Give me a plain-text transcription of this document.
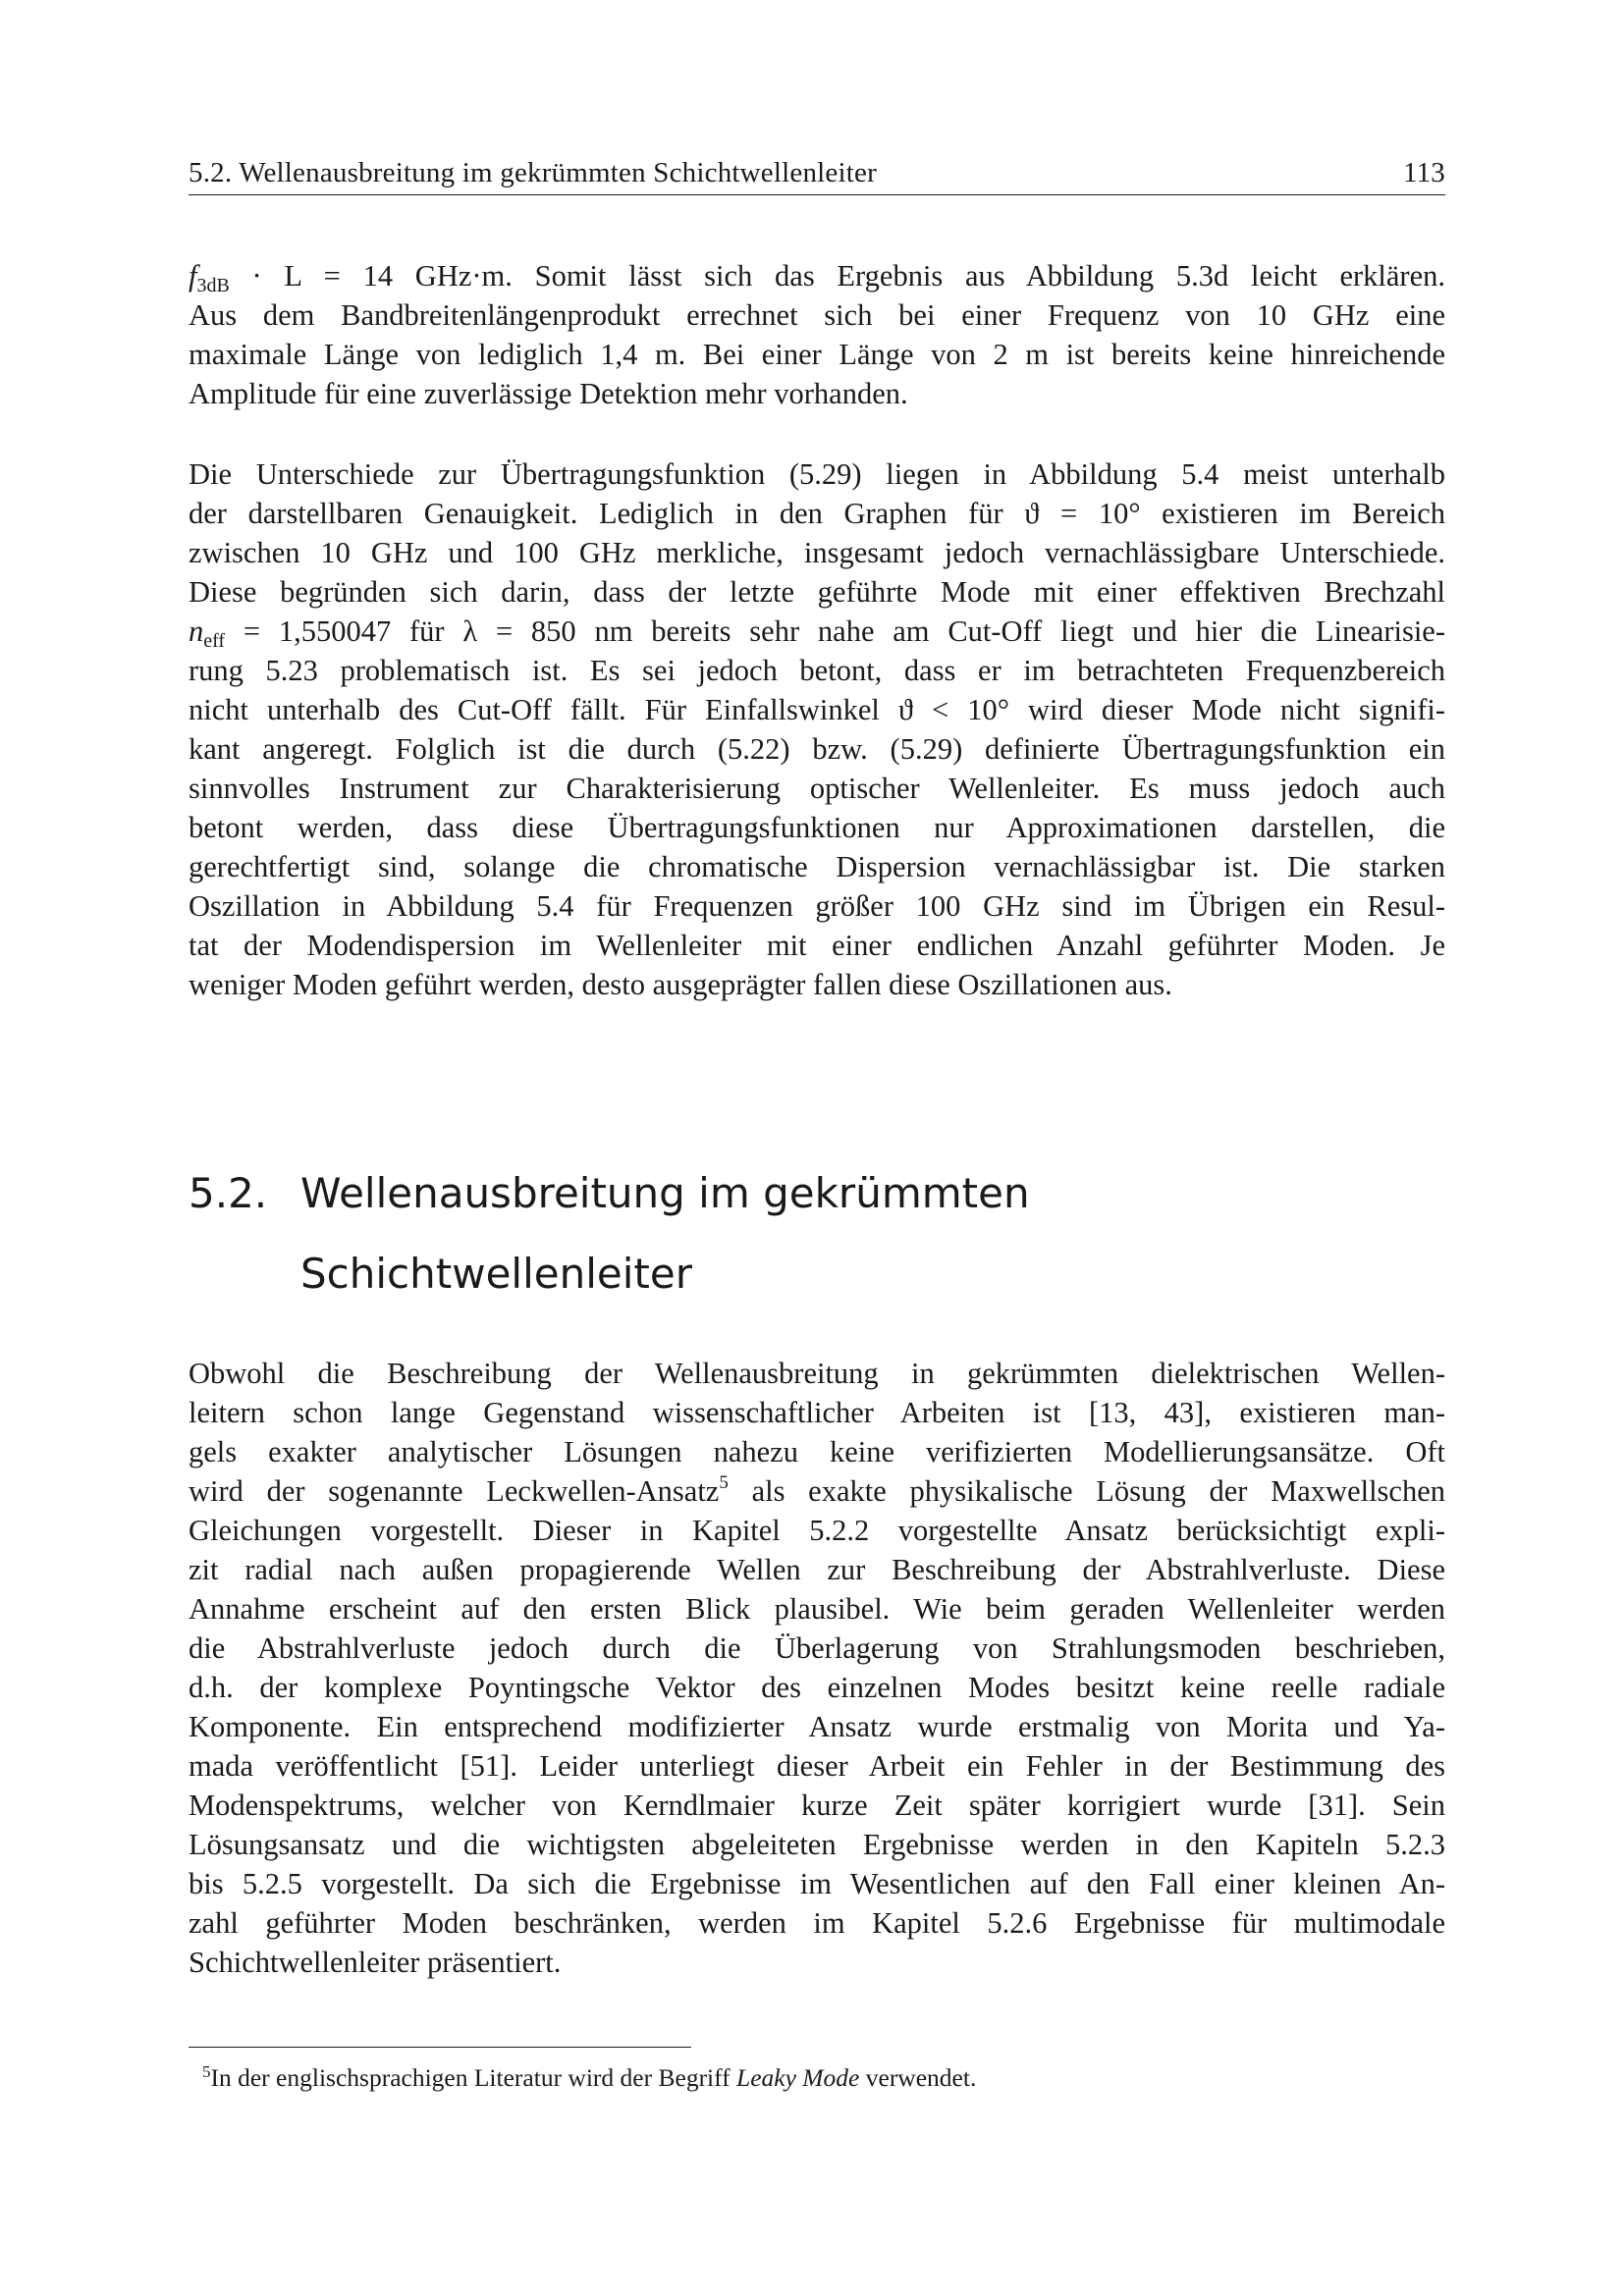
5.2. Wellenausbreitung im gekrümmten Schichtwellenleiter	113
$f_{3dB} \cdot L = 14$ GHz·m. Somit lässt sich das Ergebnis aus Abbildung 5.3d leicht erklären.
Aus dem Bandbreitenlängenprodukt errechnet sich bei einer Frequenz von 10 GHz eine
maximale Länge von lediglich 1,4 m. Bei einer Länge von 2 m ist bereits keine hinreichende
Amplitude für eine zuverlässige Detektion mehr vorhanden.
Die Unterschiede zur Übertragungsfunktion (5.29) liegen in Abbildung 5.4 meist unterhalb
der darstellbaren Genauigkeit. Lediglich in den Graphen für ϑ = 10° existieren im Bereich
zwischen 10 GHz und 100 GHz merkliche, insgesamt jedoch vernachlässigbare Unterschiede.
Diese begründen sich darin, dass der letzte geführte Mode mit einer effektiven Brechzahl
$n_{eff} = 1,550047$ für λ = 850 nm bereits sehr nahe am Cut-Off liegt und hier die Linearisie-
rung 5.23 problematisch ist. Es sei jedoch betont, dass er im betrachteten Frequenzbereich
nicht unterhalb des Cut-Off fällt. Für Einfallswinkel ϑ < 10° wird dieser Mode nicht signifi-
kant angeregt. Folglich ist die durch (5.22) bzw. (5.29) definierte Übertragungsfunktion ein
sinnvolles Instrument zur Charakterisierung optischer Wellenleiter. Es muss jedoch auch
betont werden, dass diese Übertragungsfunktionen nur Approximationen darstellen, die
gerechtfertigt sind, solange die chromatische Dispersion vernachlässigbar ist. Die starken
Oszillation in Abbildung 5.4 für Frequenzen größer 100 GHz sind im Übrigen ein Resul-
tat der Modendispersion im Wellenleiter mit einer endlichen Anzahl geführter Moden. Je
weniger Moden geführt werden, desto ausgeprägter fallen diese Oszillationen aus.
5.2. Wellenausbreitung im gekrümmten
Schichtwellenleiter
Obwohl die Beschreibung der Wellenausbreitung in gekrümmten dielektrischen Wellen-
leitern schon lange Gegenstand wissenschaftlicher Arbeiten ist [13, 43], existieren man-
gels exakter analytischer Lösungen nahezu keine verifizierten Modellierungsansätze. Oft
wird der sogenannte Leckwellen-Ansatz$^5$ als exakte physikalische Lösung der Maxwellschen
Gleichungen vorgestellt. Dieser in Kapitel 5.2.2 vorgestellte Ansatz berücksichtigt expli-
zit radial nach außen propagierende Wellen zur Beschreibung der Abstrahlverluste. Diese
Annahme erscheint auf den ersten Blick plausibel. Wie beim geraden Wellenleiter werden
die Abstrahlverluste jedoch durch die Überlagerung von Strahlungsmoden beschrieben,
d.h. der komplexe Poyntingsche Vektor des einzelnen Modes besitzt keine reelle radiale
Komponente. Ein entsprechend modifizierter Ansatz wurde erstmalig von Morita und Ya-
mada veröffentlicht [51]. Leider unterliegt dieser Arbeit ein Fehler in der Bestimmung des
Modenspektrums, welcher von Kerndlmaier kurze Zeit später korrigiert wurde [31]. Sein
Lösungsansatz und die wichtigsten abgeleiteten Ergebnisse werden in den Kapiteln 5.2.3
bis 5.2.5 vorgestellt. Da sich die Ergebnisse im Wesentlichen auf den Fall einer kleinen An-
zahl geführter Moden beschränken, werden im Kapitel 5.2.6 Ergebnisse für multimodale
Schichtwellenleiter präsentiert.
$^5$In der englischsprachigen Literatur wird der Begriff Leaky Mode verwendet.
